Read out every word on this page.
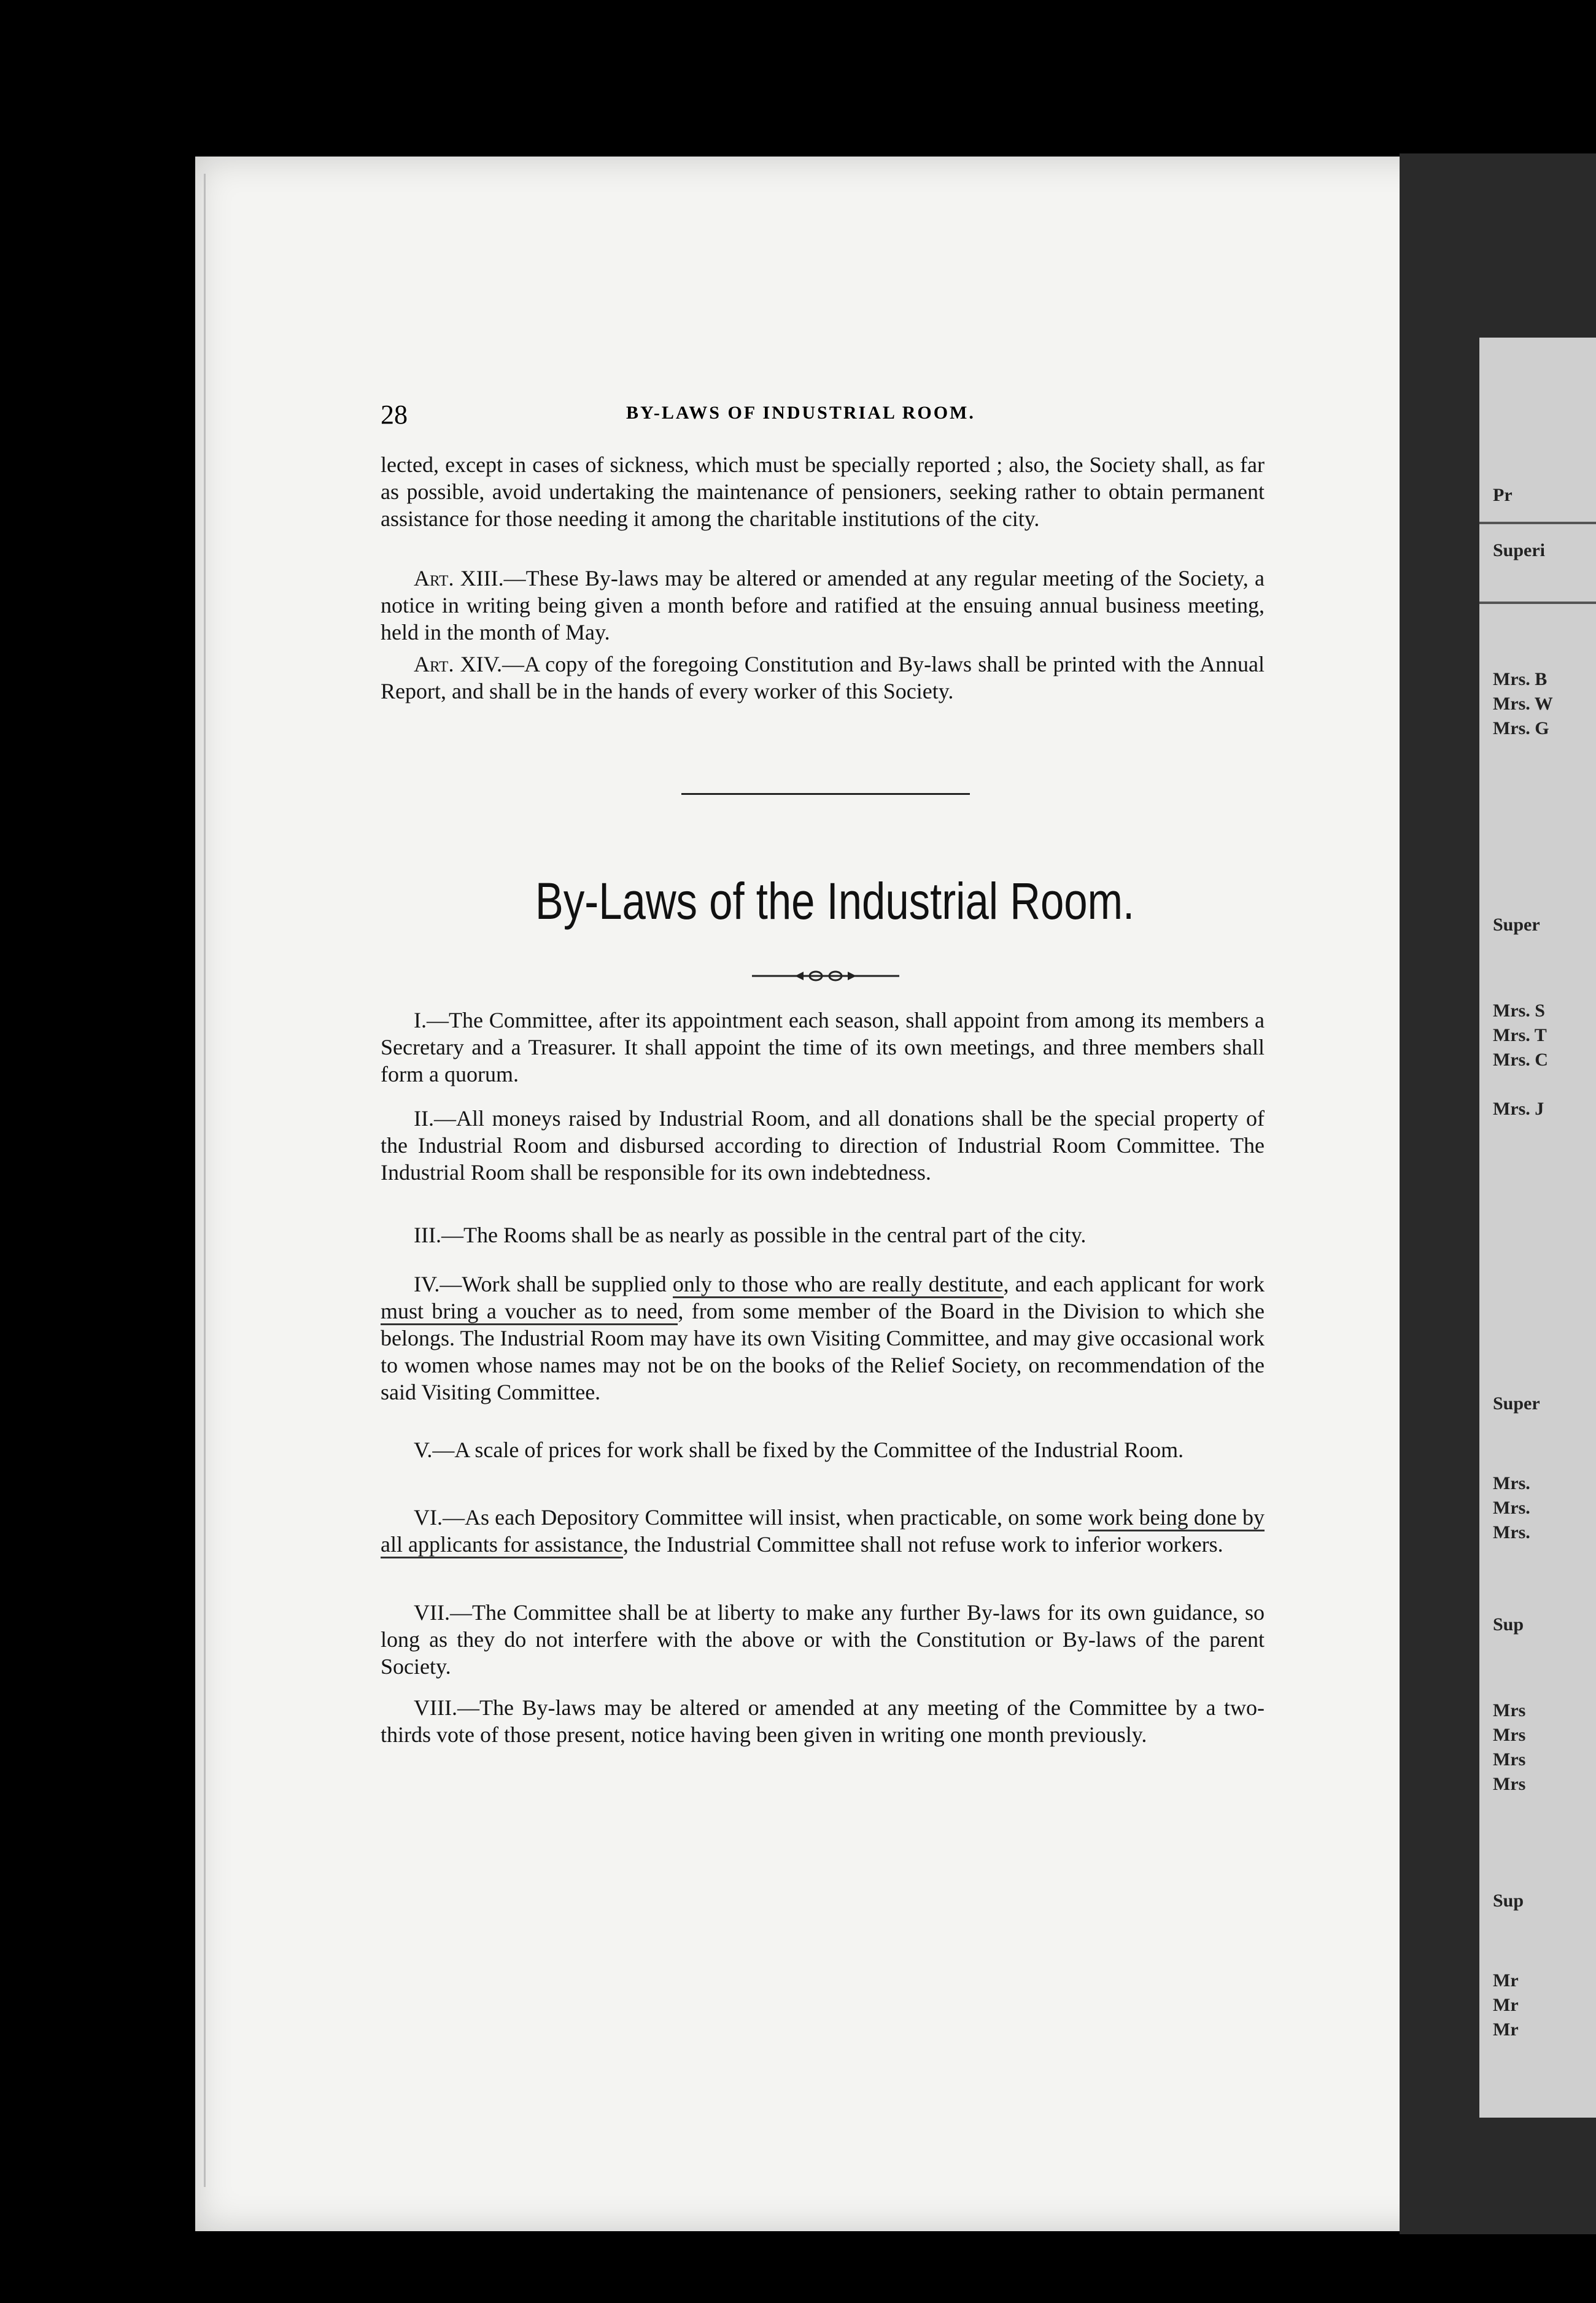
Pr
Superi
Mrs. B
Mrs. W
Mrs. G
Super
Mrs. S
Mrs. T
Mrs. C
Mrs. J
Super
Mrs.
Mrs.
Mrs.
Sup
Mrs
Mrs
Mrs
Mrs
Sup
Mr
Mr
Mr
28	BY-LAWS OF INDUSTRIAL ROOM.

lected, except in cases of sickness, which must be specially reported ; also, the Society shall, as far as possible, avoid undertaking the maintenance of pensioners, seeking rather to obtain permanent assistance for those needing it among the charitable institutions of the city.

Art. XIII.—These By-laws may be altered or amended at any regular meeting of the Society, a notice in writing being given a month before and ratified at the ensuing annual business meeting, held in the month of May.

Art. XIV.—A copy of the foregoing Constitution and By-laws shall be printed with the Annual Report, and shall be in the hands of every worker of this Society.

By-Laws of the Industrial Room.

I.—The Committee, after its appointment each season, shall appoint from among its members a Secretary and a Treasurer. It shall appoint the time of its own meetings, and three members shall form a quorum.

II.—All moneys raised by Industrial Room, and all donations shall be the special property of the Industrial Room and disbursed according to direction of Industrial Room Committee. The Industrial Room shall be responsible for its own indebtedness.

III.—The Rooms shall be as nearly as possible in the central part of the city.

IV.—Work shall be supplied only to those who are really destitute, and each applicant for work must bring a voucher as to need, from some member of the Board in the Division to which she belongs. The Industrial Room may have its own Visiting Committee, and may give occasional work to women whose names may not be on the books of the Relief Society, on recommendation of the said Visiting Committee.

V.—A scale of prices for work shall be fixed by the Committee of the Industrial Room.

VI.—As each Depository Committee will insist, when practicable, on some work being done by all applicants for assistance, the Industrial Committee shall not refuse work to inferior workers.

VII.—The Committee shall be at liberty to make any further By-laws for its own guidance, so long as they do not interfere with the above or with the Constitution or By-laws of the parent Society.

VIII.—The By-laws may be altered or amended at any meeting of the Committee by a two-thirds vote of those present, notice having been given in writing one month previously.
